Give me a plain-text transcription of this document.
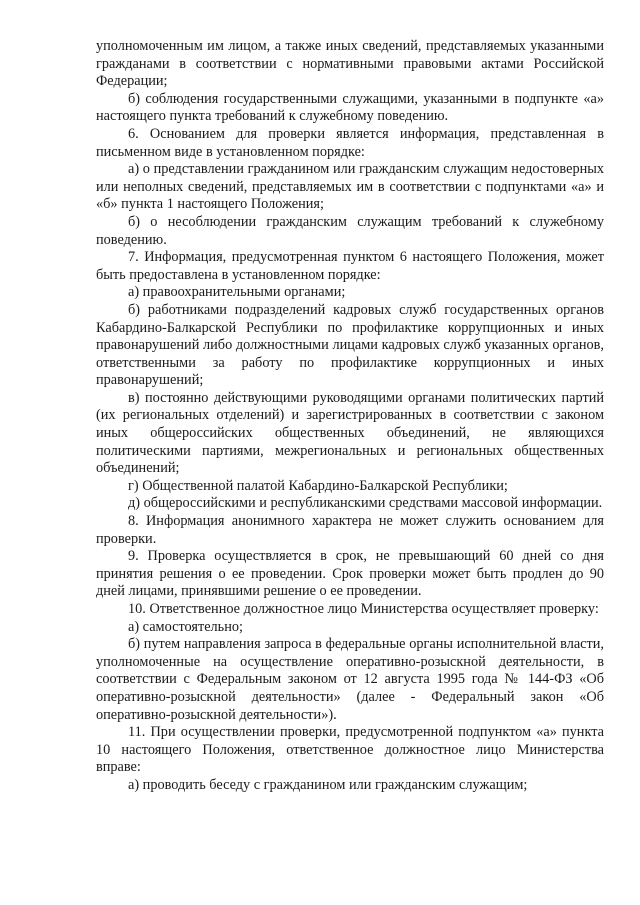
уполномоченным им лицом, а также иных сведений, представляемых указанными гражданами в соответствии с нормативными правовыми актами Российской Федерации;

б) соблюдения государственными служащими, указанными в подпункте «а» настоящего пункта требований к служебному поведению.

6. Основанием для проверки является информация, представленная в письменном виде в установленном порядке:

а) о представлении гражданином или гражданским служащим недостоверных или неполных сведений, представляемых им в соответствии с подпунктами «а» и «б» пункта 1 настоящего Положения;

б) о несоблюдении гражданским служащим требований к служебному поведению.

7. Информация, предусмотренная пунктом 6 настоящего Положения, может быть предоставлена в установленном порядке:

а) правоохранительными органами;

б) работниками подразделений кадровых служб государственных органов Кабардино-Балкарской Республики по профилактике коррупционных и иных правонарушений либо должностными лицами кадровых служб указанных органов, ответственными за работу по профилактике коррупционных и иных правонарушений;

в) постоянно действующими руководящими органами политических партий (их региональных отделений) и зарегистрированных в соответствии с законом иных общероссийских общественных объединений, не являющихся политическими партиями, межрегиональных и региональных общественных объединений;

г) Общественной палатой Кабардино-Балкарской Республики;

д) общероссийскими и республиканскими средствами массовой информации.

8. Информация анонимного характера не может служить основанием для проверки.

9. Проверка осуществляется в срок, не превышающий 60 дней со дня принятия решения о ее проведении. Срок проверки может быть продлен до 90 дней лицами, принявшими решение о ее проведении.

10. Ответственное должностное лицо Министерства осуществляет проверку:

а) самостоятельно;

б) путем направления запроса в федеральные органы исполнительной власти, уполномоченные на осуществление оперативно-розыскной деятельности, в соответствии с Федеральным законом от 12 августа 1995 года № 144-ФЗ «Об оперативно-розыскной деятельности» (далее - Федеральный закон «Об оперативно-розыскной деятельности»).

11. При осуществлении проверки, предусмотренной подпунктом «а» пункта 10 настоящего Положения, ответственное должностное лицо Министерства вправе:

а) проводить беседу с гражданином или гражданским служащим;
